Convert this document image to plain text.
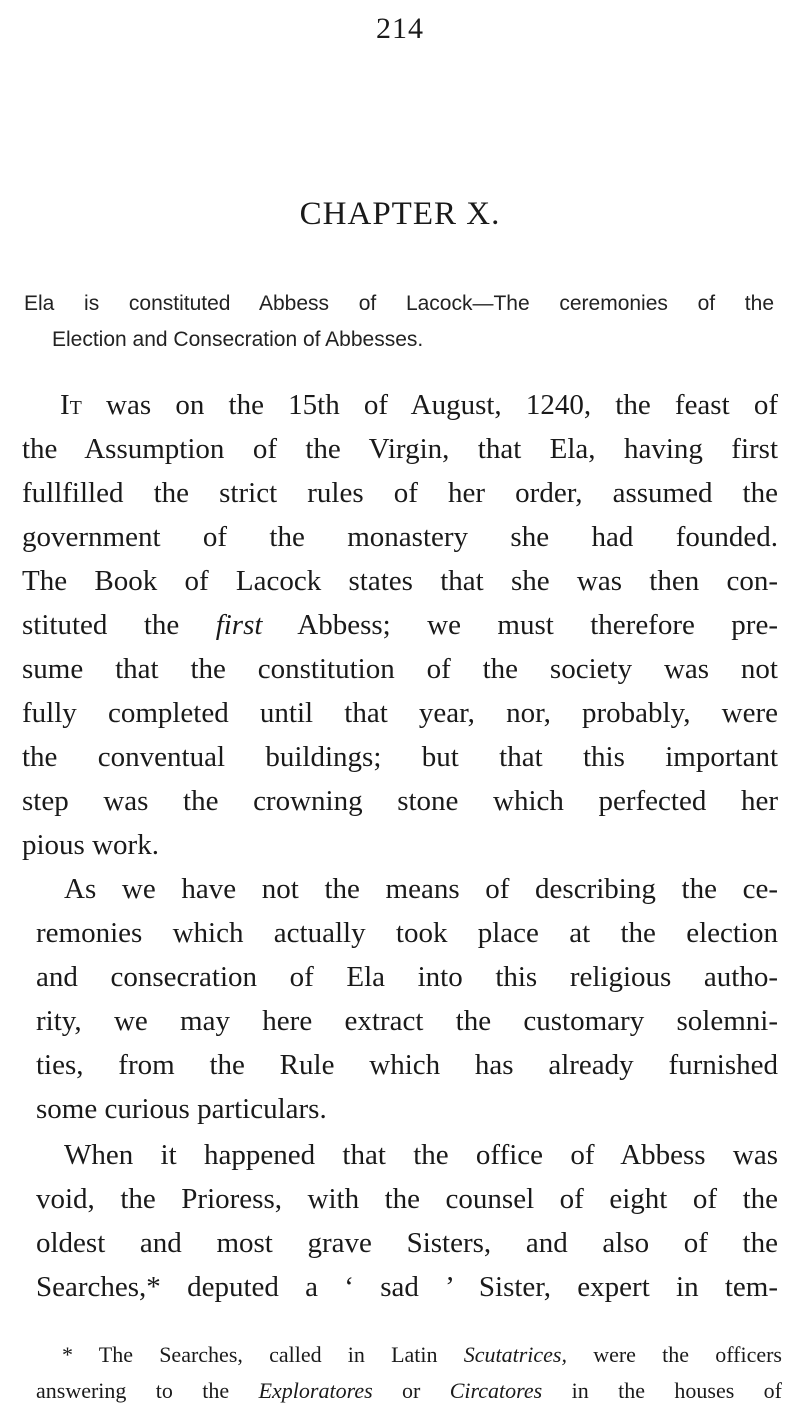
214
CHAPTER X.
Ela is constituted Abbess of Lacock—The ceremonies of the
Election and Consecration of Abbesses.
It was on the 15th of August, 1240, the feast of
the Assumption of the Virgin, that Ela, having first
fullfilled the strict rules of her order, assumed the
government of the monastery she had founded.
The Book of Lacock states that she was then con-
stituted the first Abbess; we must therefore pre-
sume that the constitution of the society was not
fully completed until that year, nor, probably, were
the conventual buildings; but that this important
step was the crowning stone which perfected her
pious work.
As we have not the means of describing the ce-
remonies which actually took place at the election
and consecration of Ela into this religious autho-
rity, we may here extract the customary solemni-
ties, from the Rule which has already furnished
some curious particulars.
When it happened that the office of Abbess was
void, the Prioress, with the counsel of eight of the
oldest and most grave Sisters, and also of the
Searches,* deputed a ‘ sad ’ Sister, expert in tem-
* The Searches, called in Latin Scutatrices, were the officers
answering to the Exploratores or Circatores in the houses of
